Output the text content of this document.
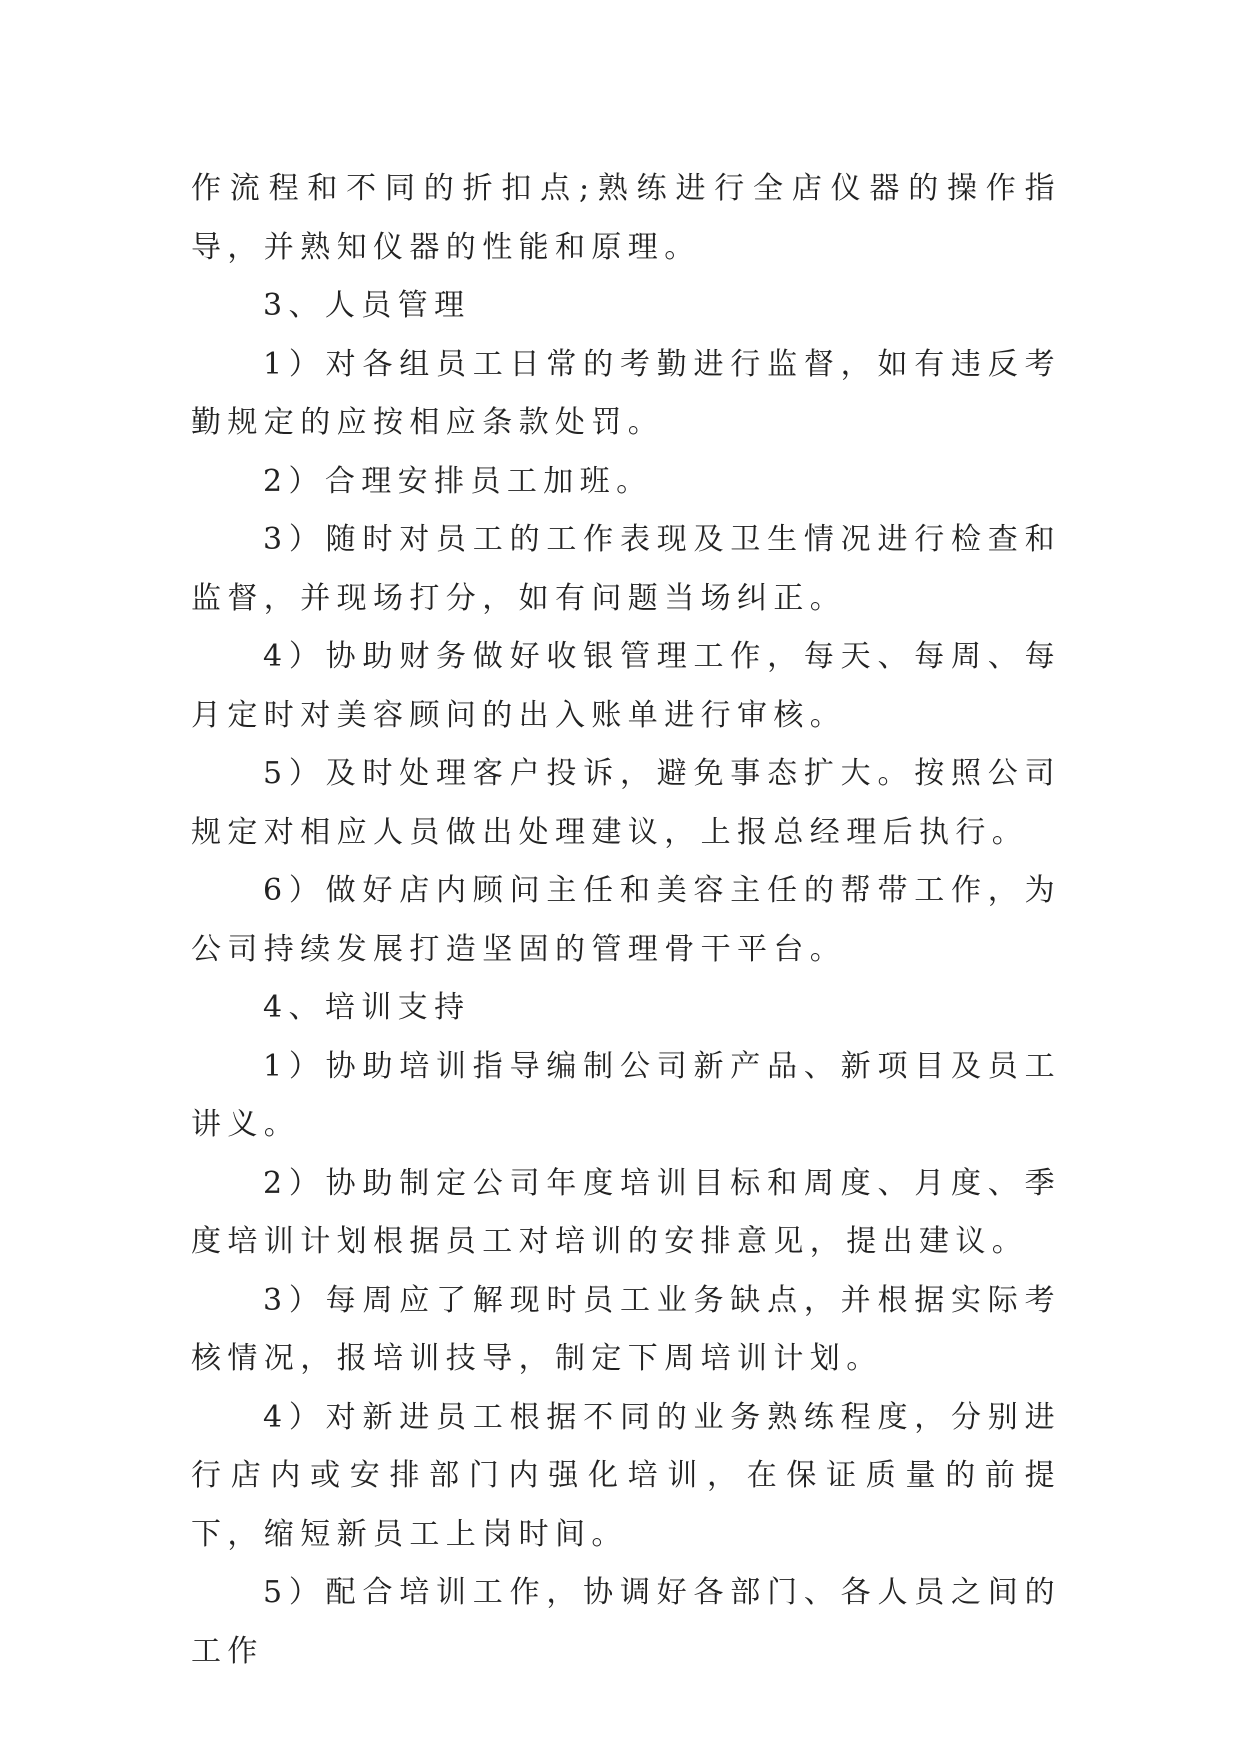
作流程和不同的折扣点;熟练进行全店仪器的操作指导，并熟知仪器的性能和原理。

3、人员管理

1）对各组员工日常的考勤进行监督，如有违反考勤规定的应按相应条款处罚。

2）合理安排员工加班。

3）随时对员工的工作表现及卫生情况进行检查和监督，并现场打分，如有问题当场纠正。

4）协助财务做好收银管理工作，每天、每周、每月定时对美容顾问的出入账单进行审核。

5）及时处理客户投诉，避免事态扩大。按照公司规定对相应人员做出处理建议，上报总经理后执行。

6）做好店内顾问主任和美容主任的帮带工作，为公司持续发展打造坚固的管理骨干平台。

4、培训支持

1）协助培训指导编制公司新产品、新项目及员工讲义。

2）协助制定公司年度培训目标和周度、月度、季度培训计划根据员工对培训的安排意见，提出建议。

3）每周应了解现时员工业务缺点，并根据实际考核情况，报培训技导，制定下周培训计划。

4）对新进员工根据不同的业务熟练程度，分别进行店内或安排部门内强化培训，在保证质量的前提下，缩短新员工上岗时间。

5）配合培训工作，协调好各部门、各人员之间的工作
